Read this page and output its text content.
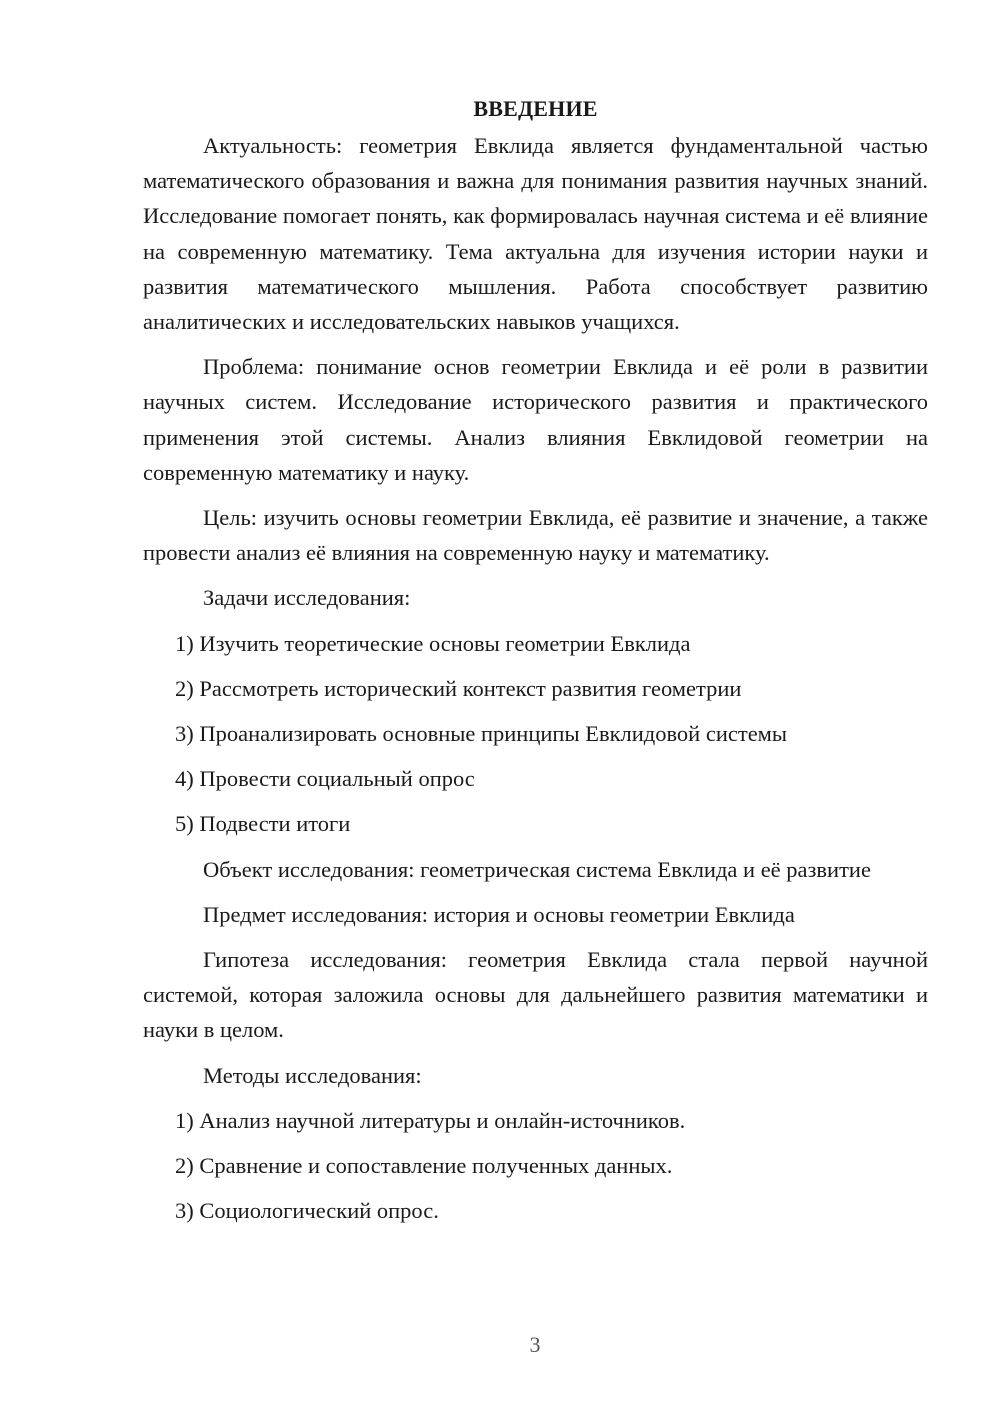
ВВЕДЕНИЕ

Актуальность: геометрия Евклида является фундаментальной частью математического образования и важна для понимания развития научных знаний. Исследование помогает понять, как формировалась научная система и её влияние на современную математику. Тема актуальна для изучения истории науки и развития математического мышления. Работа способствует развитию аналитических и исследовательских навыков учащихся.

Проблема: понимание основ геометрии Евклида и её роли в развитии научных систем. Исследование исторического развития и практического применения этой системы. Анализ влияния Евклидовой геометрии на современную математику и науку.

Цель: изучить основы геометрии Евклида, её развитие и значение, а также провести анализ её влияния на современную науку и математику.

Задачи исследования:
1) Изучить теоретические основы геометрии Евклида
2) Рассмотреть исторический контекст развития геометрии
3) Проанализировать основные принципы Евклидовой системы
4) Провести социальный опрос
5) Подвести итоги

Объект исследования: геометрическая система Евклида и её развитие

Предмет исследования: история и основы геометрии Евклида

Гипотеза исследования: геометрия Евклида стала первой научной системой, которая заложила основы для дальнейшего развития математики и науки в целом.

Методы исследования:
1) Анализ научной литературы и онлайн-источников.
2) Сравнение и сопоставление полученных данных.
3) Социологический опрос.
3
